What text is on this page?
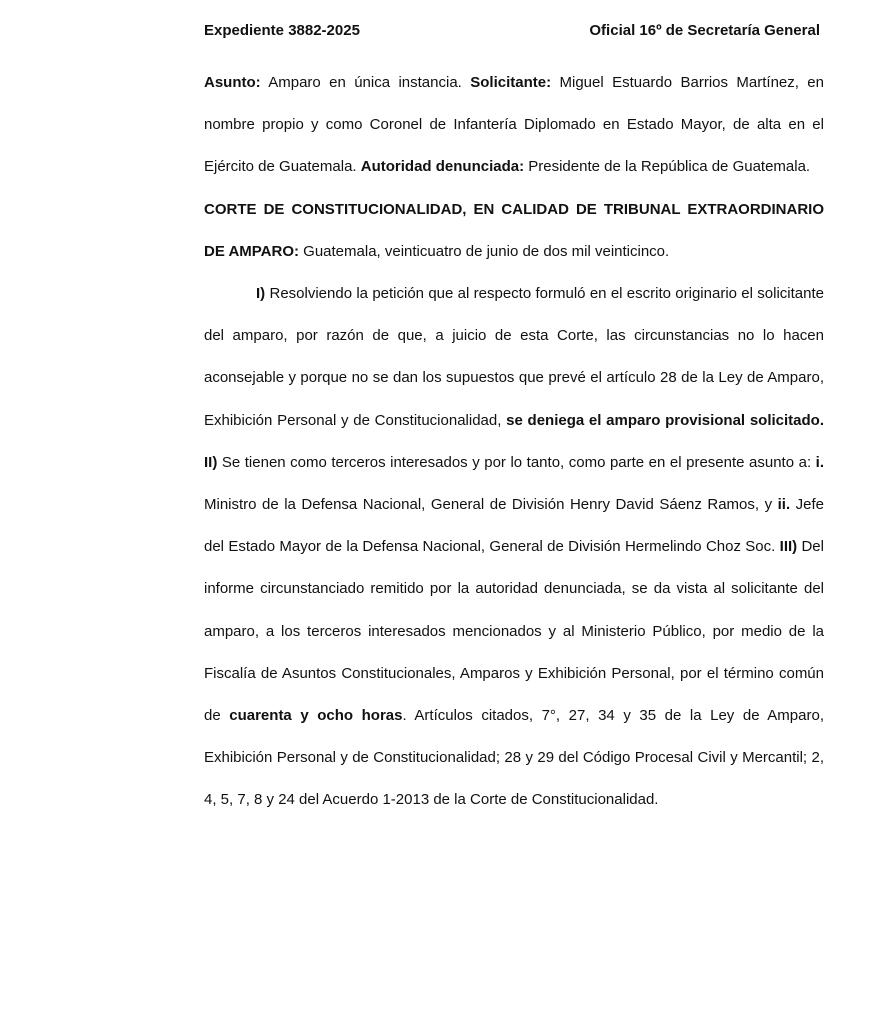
Expediente 3882-2025	Oficial 16º de Secretaría General

Asunto: Amparo en única instancia. Solicitante: Miguel Estuardo Barrios Martínez, en nombre propio y como Coronel de Infantería Diplomado en Estado Mayor, de alta en el Ejército de Guatemala. Autoridad denunciada: Presidente de la República de Guatemala.

CORTE DE CONSTITUCIONALIDAD, EN CALIDAD DE TRIBUNAL EXTRAORDINARIO DE AMPARO: Guatemala, veinticuatro de junio de dos mil veinticinco.

I) Resolviendo la petición que al respecto formuló en el escrito originario el solicitante del amparo, por razón de que, a juicio de esta Corte, las circunstancias no lo hacen aconsejable y porque no se dan los supuestos que prevé el artículo 28 de la Ley de Amparo, Exhibición Personal y de Constitucionalidad, se deniega el amparo provisional solicitado. II) Se tienen como terceros interesados y por lo tanto, como parte en el presente asunto a: i. Ministro de la Defensa Nacional, General de División Henry David Sáenz Ramos, y ii. Jefe del Estado Mayor de la Defensa Nacional, General de División Hermelindo Choz Soc. III) Del informe circunstanciado remitido por la autoridad denunciada, se da vista al solicitante del amparo, a los terceros interesados mencionados y al Ministerio Público, por medio de la Fiscalía de Asuntos Constitucionales, Amparos y Exhibición Personal, por el término común de cuarenta y ocho horas. Artículos citados, 7°, 27, 34 y 35 de la Ley de Amparo, Exhibición Personal y de Constitucionalidad; 28 y 29 del Código Procesal Civil y Mercantil; 2, 4, 5, 7, 8 y 24 del Acuerdo 1-2013 de la Corte de Constitucionalidad.
